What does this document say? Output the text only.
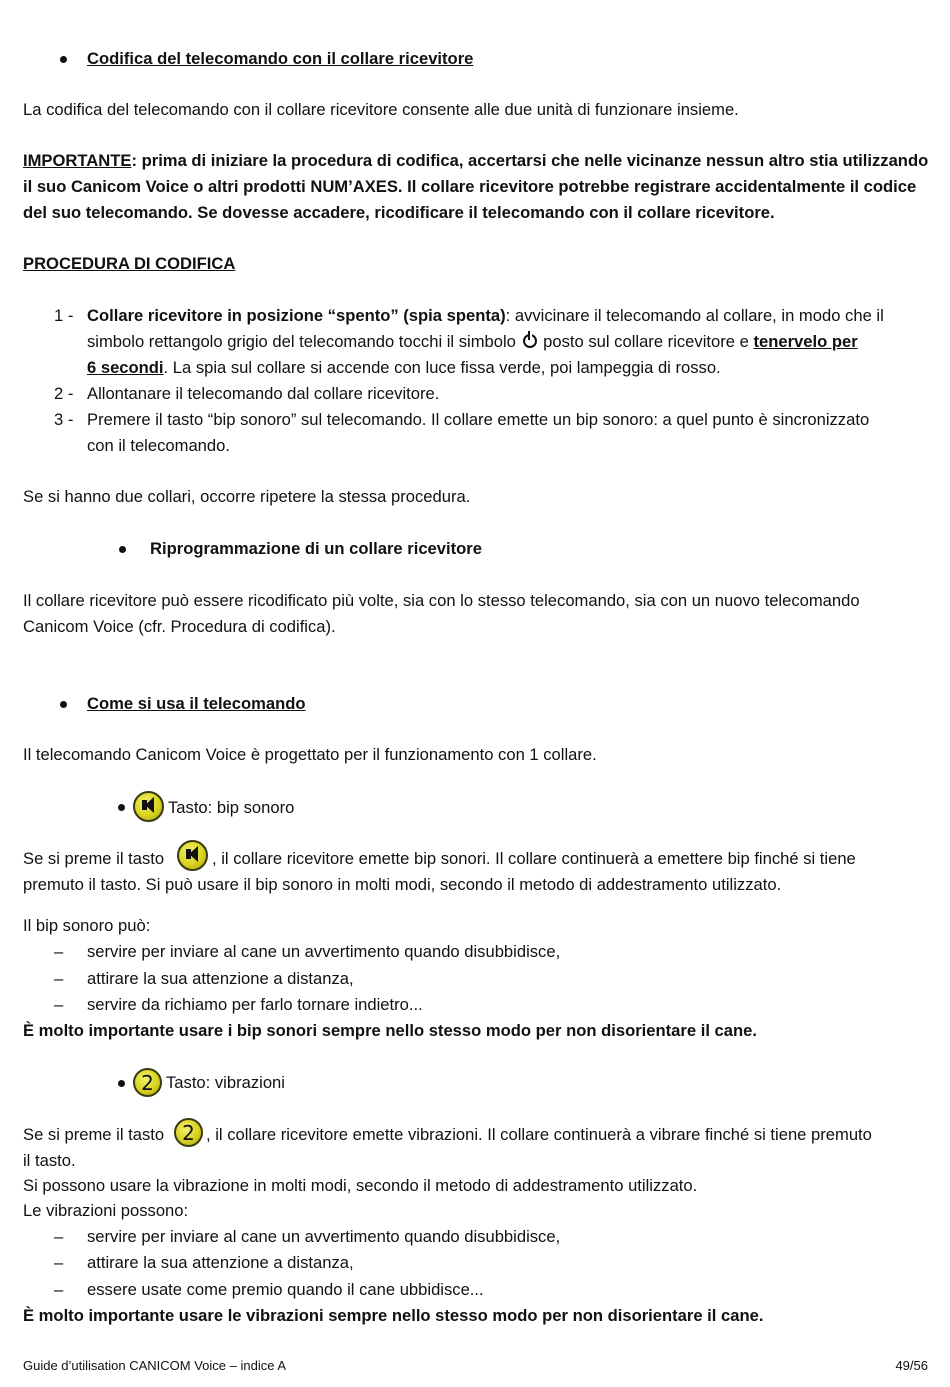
Codifica del telecomando con il collare ricevitore
La codifica del telecomando con il collare ricevitore consente alle due unità di funzionare insieme.
IMPORTANTE: prima di iniziare la procedura di codifica, accertarsi che nelle vicinanze nessun altro stia utilizzando
il suo Canicom Voice o altri prodotti NUM’AXES. Il collare ricevitore potrebbe registrare accidentalmente il codice
del suo telecomando. Se dovesse accadere, ricodificare il telecomando con il collare ricevitore.
PROCEDURA DI CODIFICA
1 - Collare ricevitore in posizione “spento” (spia spenta): avvicinare il telecomando al collare, in modo che il
simbolo rettangolo grigio del telecomando tocchi il simbolo posto sul collare ricevitore e tenervelo per
6 secondi. La spia sul collare si accende con luce fissa verde, poi lampeggia di rosso.
2 - Allontanare il telecomando dal collare ricevitore.
3 - Premere il tasto “bip sonoro” sul telecomando. Il collare emette un bip sonoro: a quel punto è sincronizzato
con il telecomando.
Se si hanno due collari, occorre ripetere la stessa procedura.
Riprogrammazione di un collare ricevitore
Il collare ricevitore può essere ricodificato più volte, sia con lo stesso telecomando, sia con un nuovo telecomando
Canicom Voice (cfr. Procedura di codifica).
Come si usa il telecomando
Il telecomando Canicom Voice è progettato per il funzionamento con 1 collare.
Tasto: bip sonoro
Se si preme il tasto	, il collare ricevitore emette bip sonori. Il collare continuerà a emettere bip finché si tiene
premuto il tasto. Si può usare il bip sonoro in molti modi, secondo il metodo di addestramento utilizzato.
Il bip sonoro può:
– servire per inviare al cane un avvertimento quando disubbidisce,
– attirare la sua attenzione a distanza,
– servire da richiamo per farlo tornare indietro...
È molto importante usare i bip sonori sempre nello stesso modo per non disorientare il cane.
2 Tasto: vibrazioni
Se si preme il tasto 2 , il collare ricevitore emette vibrazioni. Il collare continuerà a vibrare finché si tiene premuto
il tasto.
Si possono usare la vibrazione in molti modi, secondo il metodo di addestramento utilizzato.
Le vibrazioni possono:
– servire per inviare al cane un avvertimento quando disubbidisce,
– attirare la sua attenzione a distanza,
– essere usate come premio quando il cane ubbidisce...
È molto importante usare le vibrazioni sempre nello stesso modo per non disorientare il cane.
Guide d’utilisation CANICOM Voice – indice A	49/56
